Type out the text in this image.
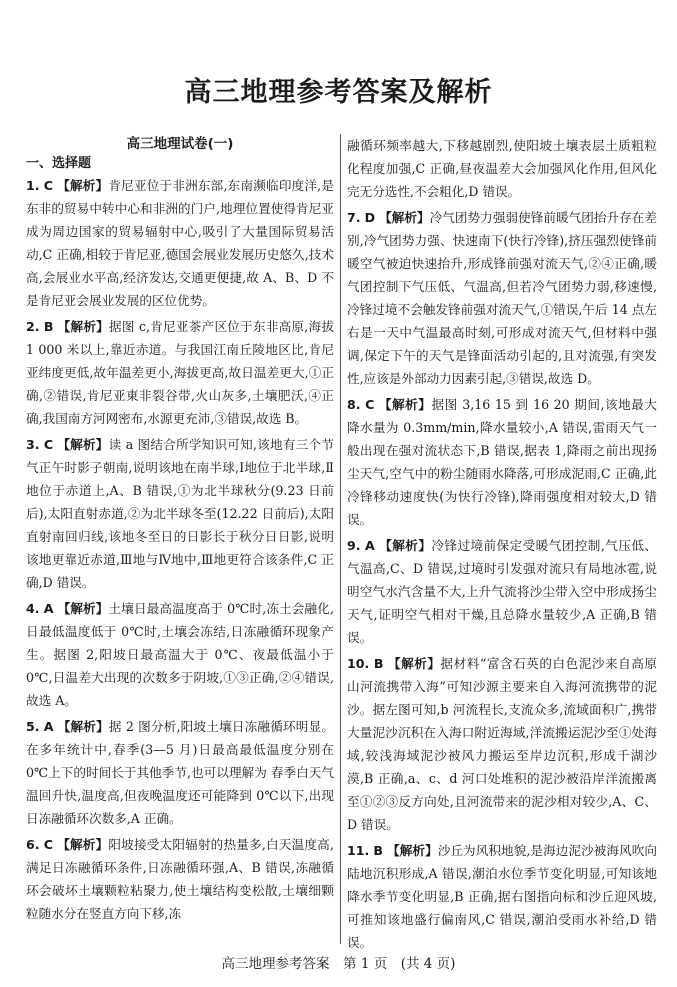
高三地理参考答案及解析
高三地理试卷(一)
一、选择题
1. C 【解析】肯尼亚位于非洲东部,东南濒临印度洋,是东非的贸易中转中心和非洲的门户,地理位置使得肯尼亚成为周边国家的贸易辐射中心,吸引了大量国际贸易活动,C 正确,相较于肯尼亚,德国会展业发展历史悠久,技术高,会展业水平高,经济发达,交通更便捷,故 A、B、D 不是肯尼亚会展业发展的区位优势。
2. B 【解析】据图 c,肯尼亚茶产区位于东非高原,海拔 1 000 米以上,靠近赤道。与我国江南丘陵地区比,肯尼亚纬度更低,故年温差更小,海拔更高,故日温差更大,①正确,②错误,肯尼亚東非裂谷带,火山灰多,土壤肥沃,④正确,我国南方河网密布,水源更充沛,③错误,故选 B。
3. C 【解析】读 a 图结合所学知识可知,该地有三个节气正午时影子朝南,说明该地在南半球,Ⅰ地位于北半球,Ⅱ地位于赤道上,A、B 错误,①为北半球秋分(9.23 日前后),太阳直射赤道,②为北半球冬至(12.22 日前后),太阳直射南回归线,该地冬至日的日影长于秋分日日影,说明该地更靠近赤道,Ⅲ地与Ⅳ地中,Ⅲ地更符合该条件,C 正确,D 错误。
4. A 【解析】土壤日最高温度高于 0℃时,冻土会融化,日最低温度低于 0℃时,土壤会冻结,日冻融循环现象产生。据图 2,阳坡日最高温大于 0℃、夜最低温小于 0℃,日温差大出现的次数多于阴坡,①③正确,②④错误,故选 A。
5. A 【解析】据 2 图分析,阳坡土壤日冻融循环明显。在多年统计中,春季(3—5 月)日最高最低温度分别在 0℃上下的时间长于其他季节,也可以理解为 春季白天气温回升快,温度高,但夜晚温度还可能降到 0℃以下,出现日冻融循环次数多,A 正确。
6. C 【解析】阳坡接受太阳辐射的热量多,白天温度高,满足日冻融循环条件,日冻融循环强,A、B 错误,冻融循环会破坏土壤颗粒粘聚力,使土壤结构变松散,土壤细颗粒随水分在竖直方向下移,冻
融循环频率越大,下移越剧烈,使阳坡土壤表层土质粗粒化程度加强,C 正确,昼夜温差大会加强风化作用,但风化完无分选性,不会粗化,D 错误。
7. D 【解析】冷气团势力强弱使锋前暖气团抬升存在差别,冷气团势力强、快速南下(快行冷锋),挤压强烈使锋前暖空气被迫快速抬升,形成锋前强对流天气,②④正确,暖气团控制下气压低、气温高,但若冷气团势力弱,移速慢,冷锋过境不会触发锋前强对流天气,①错误,午后 14 点左右是一天中气温最高时刻,可形成对流天气,但材料中强调,保定下午的天气是锋面活动引起的,且对流强,有突发性,应该是外部动力因素引起,③错误,故选 D。
8. C 【解析】据图 3,16 15 到 16 20 期间,该地最大降水量为 0.3mm/min,降水量较小,A 错误,雷雨天气一般出现在强对流状态下,B 错误,据表 1,降雨之前出现扬尘天气,空气中的粉尘随雨水降落,可形成泥雨,C 正确,此冷锋移动速度快(为快行冷锋),降雨强度相对较大,D 错误。
9. A 【解析】冷锋过境前保定受暖气团控制,气压低、气温高,C、D 错误,过境时引发强对流只有局地冰雹,说明空气水汽含量不大,上升气流将沙尘带入空中形成扬尘天气,证明空气相对干燥,且总降水量较少,A 正确,B 错误。
10. B 【解析】据材料“富含石英的白色泥沙来自高原山河流携带入海”可知沙源主要来自入海河流携带的泥沙。据左图可知,b 河流程长,支流众多,流域面积广,携带大量泥沙沉积在入海口附近海域,洋流搬运泥沙至①处海域,较浅海域泥沙被风力搬运至岸边沉积,形成千湖沙漠,B 正确,a、c、d 河口处堆积的泥沙被沿岸洋流搬离至①②③反方向处,且河流带来的泥沙相对较少,A、C、D 错误。
11. B 【解析】沙丘为风积地貌,是海边泥沙被海风吹向陆地沉积形成,A 错误,潮泊水位季节变化明显,可知该地降水季节变化明显,B 正确,据右图指向标和沙丘迎风坡,可推知该地盛行偏南风,C 错误,潮泊受雨水补给,D 错误。
高三地理参考答案　第 1 页　(共 4 页)
